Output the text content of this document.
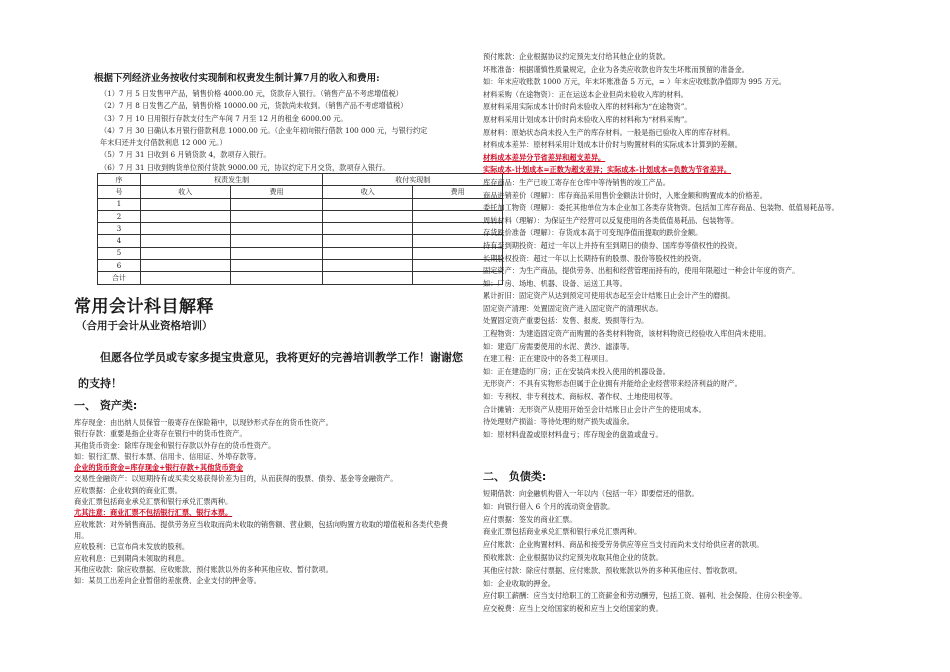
根据下列经济业务按收付实现制和权责发生制计算7月的收入和费用:
（1）7 月 5 日发售甲产品，销售价格 4000.00 元，货款存入银行。（销售产品不考虑增值税）
（2）7 月 8 日发售乙产品，销售价格 10000.00 元，货款尚未收到。（销售产品不考虑增值税）
（3）7 月 10 日用银行存款支付生产车间 7 月至 12 月的租金 6000.00 元。
（4）7 月 30 日确认本月银行借款利息 1000.00 元。（企业年初向银行借款 100 000 元，与银行约定
年末归还并支付借款利息 12 000 元。）
（5）7 月 31 日收到 6 月销货款 4，款项存入银行。
（6）7 月 31 日收到购货单位预付货款 9000.00 元，协议约定下月交货，款项存入银行。
序	权责发生制		收付实现制	
号	收入	费用	收入	费用
1				
2				
3				
4				
5				
6				
合计				
常用会计科目解释
（合用于会计从业资格培训）
但愿各位学员或专家多提宝贵意见，我将更好的完善培训教学工作！谢谢您的支持！
一、 资产类:
库存现金：由出纳人员保管一般寄存在保险箱中，以现钞形式存在的货币性资产。
银行存款：重要是指企业寄存在银行中的货币性资产。
其他货币资金：除库存现金和银行存款以外存在的货币性资产。
如：银行汇票、银行本票、信用卡、信用证、外埠存款等。
企业的货币资金=库存现金+银行存款+其他货币资金
交易性金融资产：以短期持有或买卖交易获得价差为目的，从而获得的股票、债券、基金等金融资产。
应收票据：企业收到的商业汇票。
商业汇票包括商业承兑汇票和银行承兑汇票两种。
尤其注意：商业汇票不包括银行汇票、银行本票。
应收账款：对外销售商品、提供劳务应当收取而尚未收取的销售额、营业额，包括向购置方收取的增值税和各类代垫费用。
应收股利：已宣布尚未发放的股利。
应收利息：已到期尚未领取的利息。
其他应收款：除应收票据、应收账款、预付账款以外的多种其他应收、暂付款项。
如：某员工出差向企业暂借的差旅费、企业支付的押金等。
预付账款：企业根据协议约定预先支付给其他企业的货款。
坏账准备：根据谨慎性质量规定，企业为各类应收款也许发生坏账而预留的准备金。
如：年末应收账款 1000 万元，年末坏账准备 5 万元，= ）年末应收账款净值即为 995 万元。
材料采购（在途物资）：正在运送本企业但尚未验收入库的材料。
原材料采用实际成本计价时尚未验收入库的材料称为“在途物资”。
原材料采用计划成本计价时尚未验收入库的材料称为“材料采购”。
原材料：原始状态尚未投入生产的库存材料。一般是指已验收入库的库存材料。
材料成本差异：原材料采用计划成本计价时与购置材料的实际成本计算到的差额。
材料成本差异分节省差异和超支差异。
实际成本-计划成本=正数为超支差异；实际成本-计划成本=负数为节省差异。
库存商品：生产已竣工寄存在仓库中等待销售的竣工产品。
商品进销差价（理解）：库存商品采用售价金额法计价时，入账金额和购置成本的价格差。
委托加工物资（理解）：委托其他单位为本企业加工各类存货物资。包括加工库存商品、包装物、低值易耗品等。
周转材料（理解）：为保证生产经营可以反复使用的各类低值易耗品、包装物等。
存货跌价准备（理解）：存货成本高于可变现净值而提取的跌价金额。
持有至到期投资：超过一年以上并持有至到期日的债券、国库券等债权性的投资。
长期股权投资：超过一年以上长期持有的股票、股份等股权性的投资。
固定资产：为生产商品，提供劳务、出租和经营管理而持有的，使用年限超过一种会计年度的资产。
如：厂房、场地、机器、设备、运送工具等。
累计折旧：固定资产从达到预定可使用状态起至会计结账日止会计产生的磨损。
固定资产清理：处置固定资产进入固定资产的清理状态。
处置固定资产重要包括：发售、报废、毁损等行为。
工程物资：为建造固定资产而购置的各类材料物资，该材料物资已经验收入库但尚未使用。
如：建造厂房需要使用的水泥、黄沙、滤漆等。
在建工程：正在建设中的各类工程项目。
如：正在建造的厂房；正在安装尚未投入使用的机器设备。
无形资产：不具有实物形态但属于企业拥有并能给企业经营带来经济利益的财产。
如：专利权、非专利技术、商标权、著作权、土地使用权等。
合计摊销：无形资产从使用开始至会计结账日止会计产生的使用成本。
待处理财产损溢：等待处理的财产损失或溢余。
如：原材料盘盈或原材料盘亏；库存现金的盘盈或盘亏。
二、 负债类:
短期借款：向金融机构借入一年以内（包括一年）即要偿还的借款。
如：向银行借入 6 个月的流动资金借款。
应付票据：签发的商业汇票。
商业汇票包括商业承兑汇票和银行承兑汇票两种。
应付账款：企业购置材料、商品和接受劳务供应等应当支付而尚未支付给供应者的款项。
预收账款：企业根据协议约定预先收取其他企业的货款。
其他应付款：除应付票据、应付账款、预收账款以外的多种其他应付、暂收款项。
如：企业收取的押金。
应付职工薪酬：应当支付给职工的工资薪金和劳动酬劳，包括工资、福利、社会保险、住房公积金等。
应交税费：应当上交给国家的税和应当上交给国家的费。
